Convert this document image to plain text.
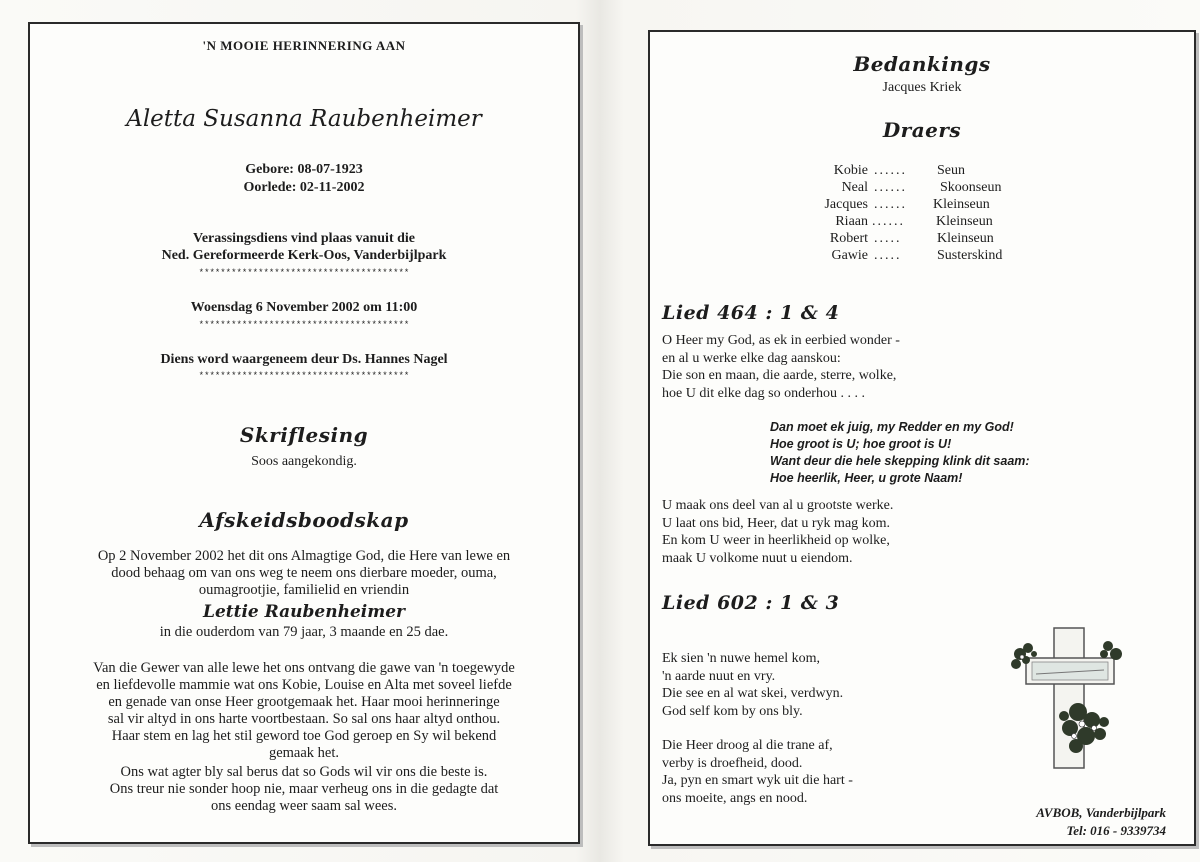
'N MOOIE HERINNERING AAN
Aletta Susanna Raubenheimer
Gebore: 08-07-1923
Oorlede: 02-11-2002
Verassingsdiens vind plaas vanuit die
Ned. Gereformeerde Kerk-Oos, Vanderbijlpark
***************************************
Woensdag 6 November 2002 om 11:00
***************************************
Diens word waargeneem deur Ds. Hannes Nagel
***************************************
Skriflesing
Soos aangekondig.
Afskeidsboodskap
Op 2 November 2002 het dit ons Almagtige God, die Here van lewe en
dood behaag om van ons weg te neem ons dierbare moeder, ouma,
oumagrootjie, familielid en vriendin
Lettie Raubenheimer
in die ouderdom van 79 jaar, 3 maande en 25 dae.
Van die Gewer van alle lewe het ons ontvang die gawe van 'n toegewyde
en liefdevolle mammie wat ons Kobie, Louise en Alta met soveel liefde
en genade van onse Heer grootgemaak het. Haar mooi herinneringe
sal vir altyd in ons harte voortbestaan. So sal ons haar altyd onthou.
Haar stem en lag het stil geword toe God geroep en Sy wil bekend
gemaak het.
Ons wat agter bly sal berus dat so Gods wil vir ons die beste is.
Ons treur nie sonder hoop nie, maar verheug ons in die gedagte dat
ons eendag weer saam sal wees.
Bedankings
Jacques Kriek
Draers
Kobie ...... Seun
Neal ...... Skoonseun
Jacques ...... Kleinseun
Riaan ...... Kleinseun
Robert .....	Kleinseun
Gawie .....	Susterskind
Lied 464 : 1 & 4
O Heer my God, as ek in eerbied wonder -
en al u werke elke dag aanskou:
Die son en maan, die aarde, sterre, wolke,
hoe U dit elke dag so onderhou . . . .
Dan moet ek juig, my Redder en my God!
Hoe groot is U; hoe groot is U!
Want deur die hele skepping klink dit saam:
Hoe heerlik, Heer, u grote Naam!
U maak ons deel van al u grootste werke.
U laat ons bid, Heer, dat u ryk mag kom.
En kom U weer in heerlikheid op wolke,
maak U volkome nuut u eiendom.
Lied 602 : 1 & 3
Ek sien 'n nuwe hemel kom,
'n aarde nuut en vry.
Die see en al wat skei, verdwyn.
God self kom by ons bly.
Die Heer droog al die trane af,
verby is droefheid, dood.
Ja, pyn en smart wyk uit die hart -
ons moeite, angs en nood.
AVBOB, Vanderbijlpark
Tel: 016 - 9339734
